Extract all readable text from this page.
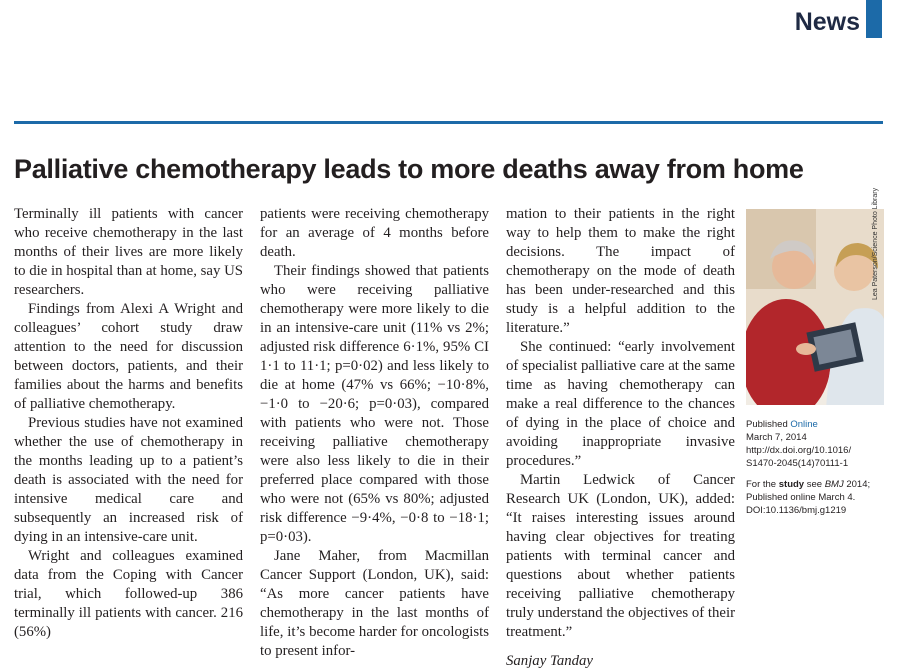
News
Palliative chemotherapy leads to more deaths away from home

Terminally ill patients with cancer who receive chemotherapy in the last months of their lives are more likely to die in hospital than at home, say US researchers.

Findings from Alexi A Wright and colleagues’ cohort study draw attention to the need for discussion between doctors, patients, and their families about the harms and benefits of palliative chemotherapy.

Previous studies have not examined whether the use of chemotherapy in the months leading up to a patient’s death is associated with the need for intensive medical care and subsequently an increased risk of dying in an intensive-care unit.

Wright and colleagues examined data from the Coping with Cancer trial, which followed-up 386 terminally ill patients with cancer. 216 (56%)

patients were receiving chemotherapy for an average of 4 months before death.

Their findings showed that patients who were receiving palliative chemotherapy were more likely to die in an intensive-care unit (11% vs 2%; adjusted risk difference 6·1%, 95% CI 1·1 to 11·1; p=0·02) and less likely to die at home (47% vs 66%; −10·8%, −1·0 to −20·6; p=0·03), compared with patients who were not. Those receiving palliative chemotherapy were also less likely to die in their preferred place compared with those who were not (65% vs 80%; adjusted risk difference −9·4%, −0·8 to −18·1; p=0·03).

Jane Maher, from Macmillan Cancer Support (London, UK), said: “As more cancer patients have chemotherapy in the last months of life, it’s become harder for oncologists to present infor-

mation to their patients in the right way to help them to make the right decisions. The impact of chemotherapy on the mode of death has been under-researched and this study is a helpful addition to the literature.”

She continued: “early involvement of specialist palliative care at the same time as having chemotherapy can make a real difference to the chances of dying in the place of choice and avoiding inappropriate invasive procedures.”

Martin Ledwick of Cancer Research UK (London, UK), added: “It raises interesting issues around having clear objectives for treating patients with terminal cancer and questions about whether patients receiving palliative chemotherapy truly understand the objectives of their treatment.”

Sanjay Tanday

Lea Paterson/Science Photo Library
Published Online
March 7, 2014
http://dx.doi.org/10.1016/
S1470-2045(14)70111-1
For the study see BMJ 2014;
Published online March 4.
DOI:10.1136/bmj.g1219
